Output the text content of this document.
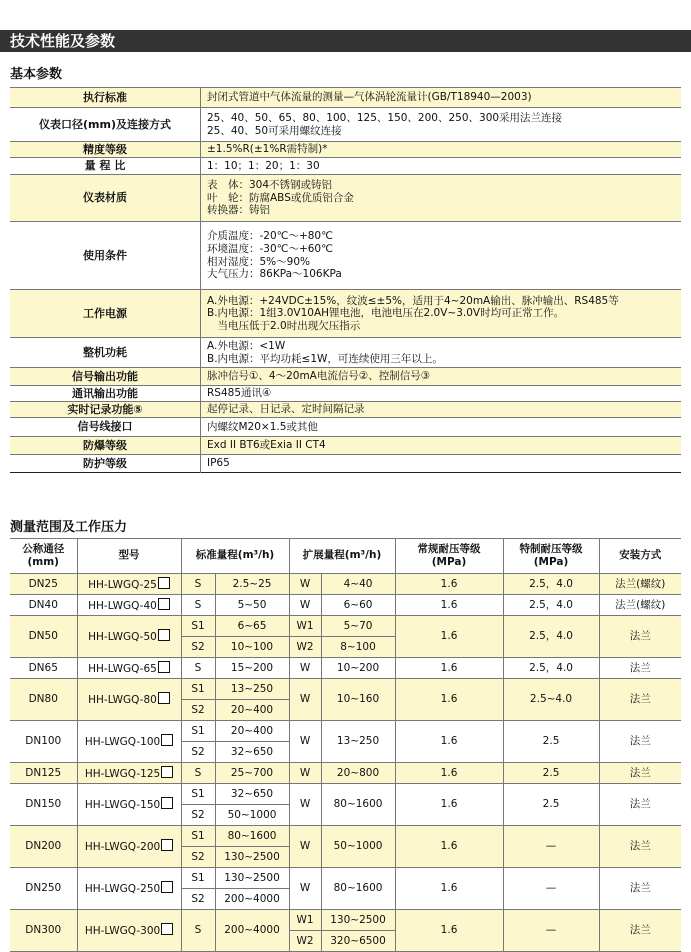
技术性能及参数
基本参数
执行标准	封闭式管道中气体流量的测量—气体涡轮流量计(GB/T18940—2003)
仪表口径(mm)及连接方式	25、40、50、65、80、100、125、150、200、250、300采用法兰连接
25、40、50可采用螺纹连接
精度等级	±1.5%R(±1%R需特制)*
量 程 比	1：10；1：20；1：30
仪表材质	表　体：304不锈钢或铸铝
叶　轮：防腐ABS或优质铝合金
转换器：铸铝
使用条件	介质温度：-20℃～+80℃
环境温度：-30℃～+60℃
相对湿度：5%～90%
大气压力：86KPa～106KPa
工作电源	A.外电源：+24VDC±15%，纹波≤±5%，适用于4~20mA输出、脉冲输出、RS485等
B.内电源：1组3.0V10AH锂电池，电池电压在2.0V~3.0V时均可正常工作。
　当电压低于2.0时出现欠压指示
整机功耗	A.外电源：<1W
B.内电源：平均功耗≤1W，可连续使用三年以上。
信号输出功能	脉冲信号①、4～20mA电流信号②、控制信号③
通讯输出功能	RS485通讯④
实时记录功能⑤	起停记录、日记录、定时间隔记录
信号线接口	内螺纹M20×1.5或其他
防爆等级	Exd II BT6或Exia II CT4
防护等级	IP65
测量范围及工作压力
公称通径
(mm)	型号	标准量程(m³/h)		扩展量程(m³/h)		常规耐压等级
(MPa)	特制耐压等级
(MPa)	安装方式
DN25	HH-LWGQ-25	S	2.5~25	W	4~40	1.6	2.5，4.0	法兰(螺纹)
DN40	HH-LWGQ-40	S	5~50	W	6~60	1.6	2.5，4.0	法兰(螺纹)
DN50	HH-LWGQ-50	S1	6~65	W1	5~70	1.6	2.5，4.0	法兰
		S2	10~100	W2	8~100			
DN65	HH-LWGQ-65	S	15~200	W	10~200	1.6	2.5，4.0	法兰
DN80	HH-LWGQ-80	S1	13~250	W	10~160	1.6	2.5~4.0	法兰
		S2	20~400					
DN100	HH-LWGQ-100	S1	20~400	W	13~250	1.6	2.5	法兰
		S2	32~650					
DN125	HH-LWGQ-125	S	25~700	W	20~800	1.6	2.5	法兰
DN150	HH-LWGQ-150	S1	32~650	W	80~1600	1.6	2.5	法兰
		S2	50~1000					
DN200	HH-LWGQ-200	S1	80~1600	W	50~1000	1.6	—	法兰
		S2	130~2500					
DN250	HH-LWGQ-250	S1	130~2500	W	80~1600	1.6	—	法兰
		S2	200~4000					
DN300	HH-LWGQ-300	S	200~4000	W1	130~2500	1.6	—	法兰
				W2	320~6500			
